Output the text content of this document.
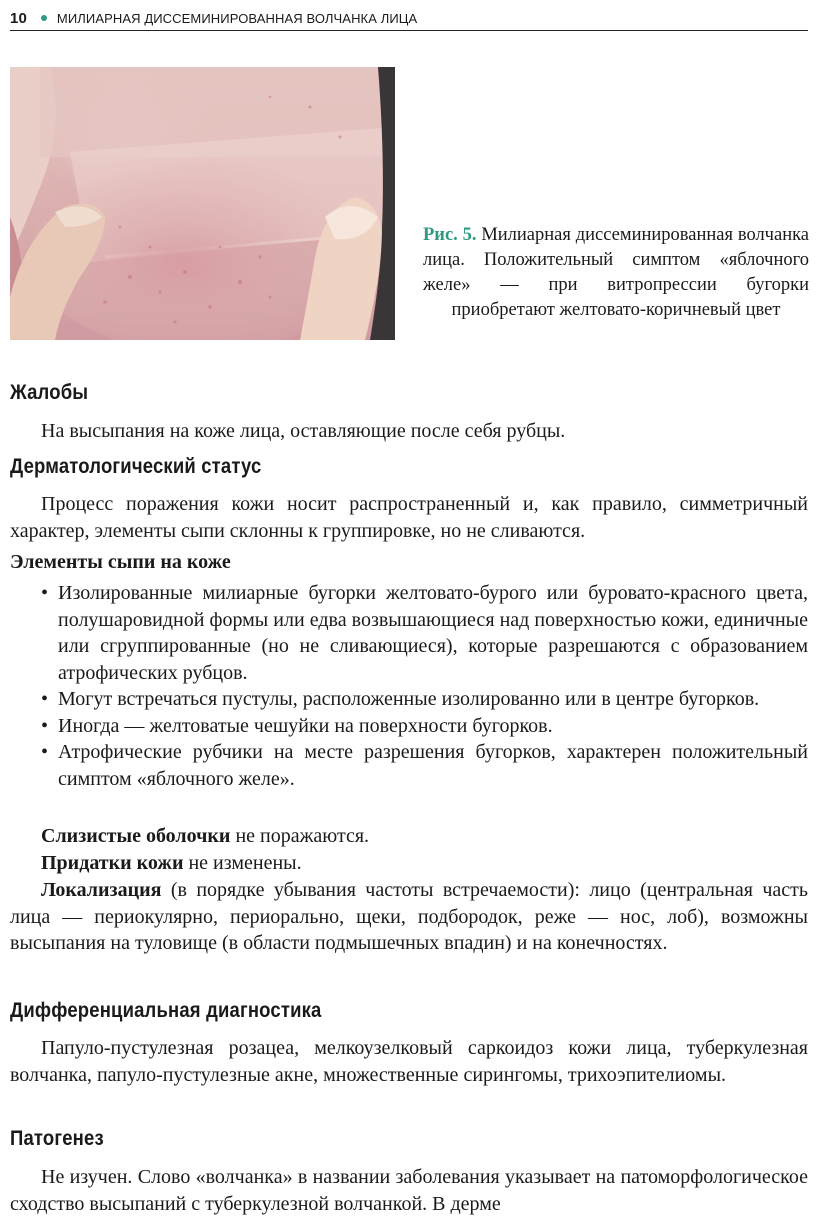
10 МИЛИАРНАЯ ДИССЕМИНИРОВАННАЯ ВОЛЧАНКА ЛИЦА
Рис. 5. Милиарная диссеминированная волчанка лица. Положительный симптом «яблочного желе» — при витропрессии бугорки приобретают желтовато-коричневый цвет
Жалобы
На высыпания на коже лица, оставляющие после себя рубцы.
Дерматологический статус
Процесс поражения кожи носит распространенный и, как правило, симметричный характер, элементы сыпи склонны к группировке, но не сливаются.
Элементы сыпи на коже
• Изолированные милиарные бугорки желтовато-бурого или буровато-красного цвета, полушаровидной формы или едва возвышающиеся над поверхностью кожи, единичные или сгруппированные (но не сливающиеся), которые разрешаются с образованием атрофических рубцов.
• Могут встречаться пустулы, расположенные изолированно или в центре бугорков.
• Иногда — желтоватые чешуйки на поверхности бугорков.
• Атрофические рубчики на месте разрешения бугорков, характерен положительный симптом «яблочного желе».
Слизистые оболочки не поражаются.
Придатки кожи не изменены.
Локализация (в порядке убывания частоты встречаемости): лицо (центральная часть лица — периокулярно, периорально, щеки, подбородок, реже — нос, лоб), возможны высыпания на туловище (в области подмышечных впадин) и на конечностях.
Дифференциальная диагностика
Папуло-пустулезная розацеа, мелкоузелковый саркоидоз кожи лица, туберкулезная волчанка, папуло-пустулезные акне, множественные сирингомы, трихоэпителиомы.
Патогенез
Не изучен. Слово «волчанка» в названии заболевания указывает на патоморфологическое сходство высыпаний с туберкулезной волчанкой. В дерме
